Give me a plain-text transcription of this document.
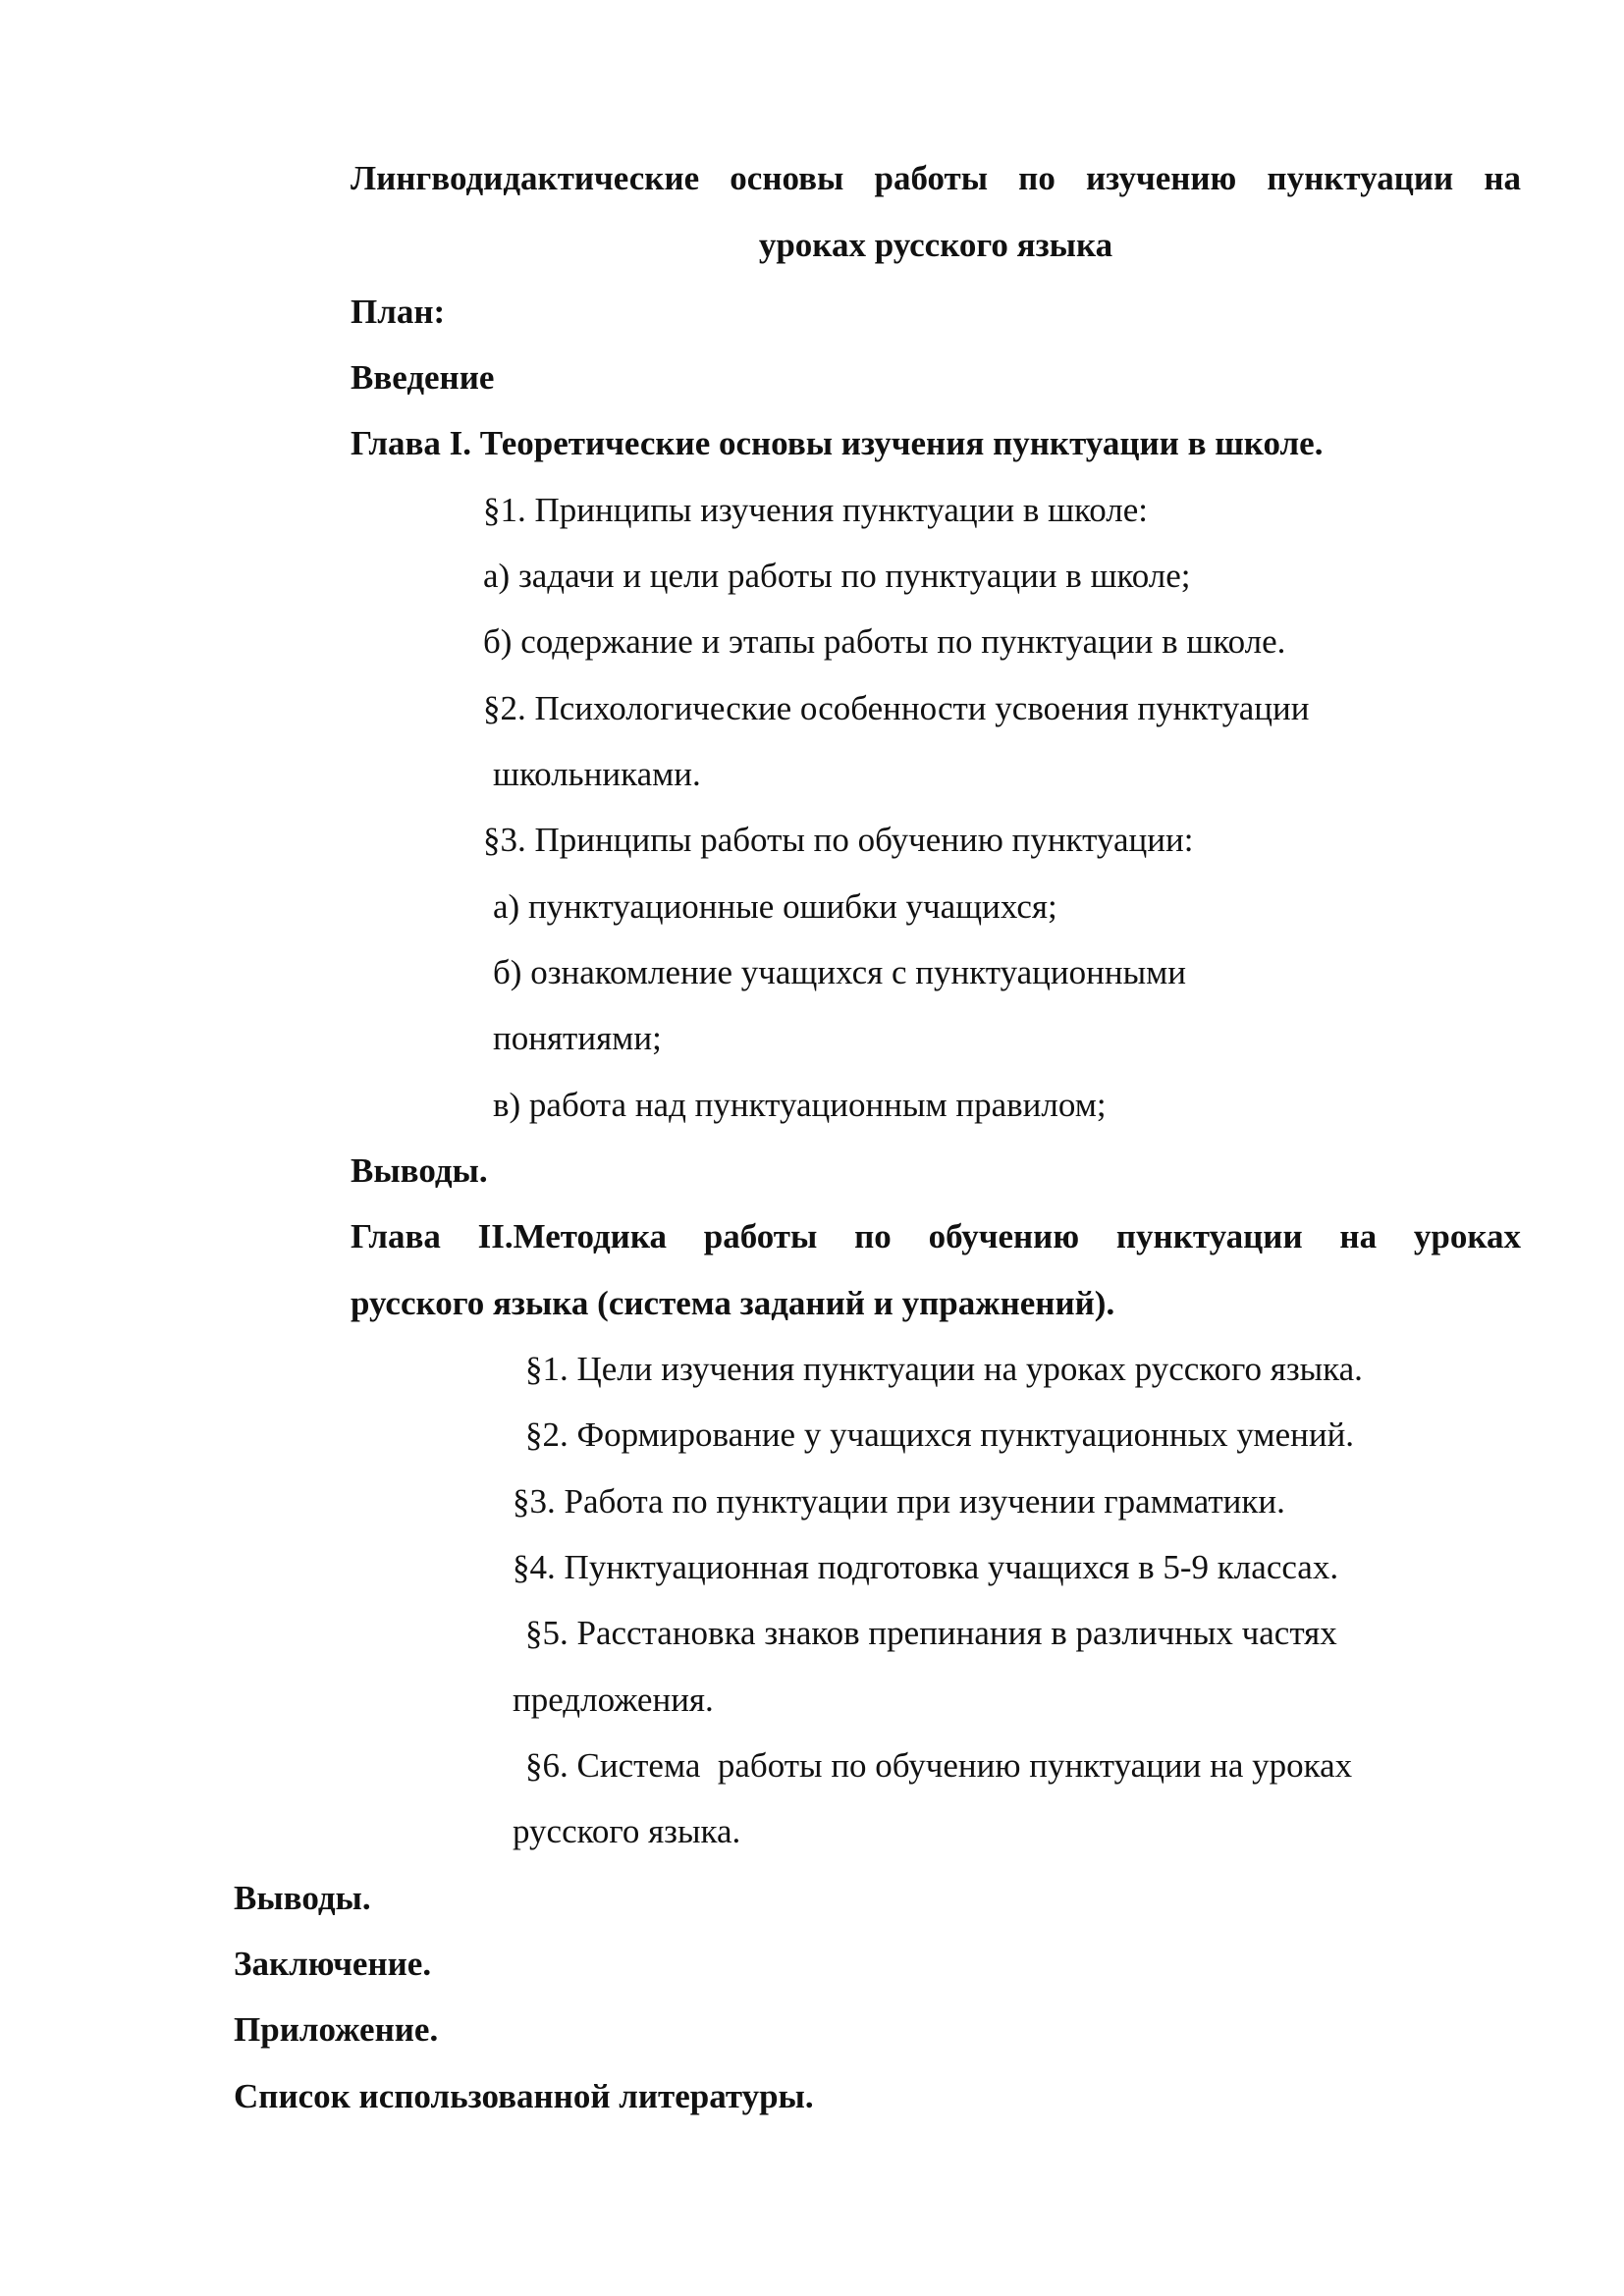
Лингводидактические основы работы по изучению пунктуации на
уроках русского языка
План:
Введение
Глава I. Теоретические основы изучения пунктуации в школе.
§1. Принципы изучения пунктуации в школе:
а) задачи и цели работы по пунктуации в школе;
б) содержание и этапы работы по пунктуации в школе.
§2. Психологические особенности усвоения пунктуации
школьниками.
§3. Принципы работы по обучению пунктуации:
а) пунктуационные ошибки учащихся;
б) ознакомление учащихся с пунктуационными
понятиями;
в) работа над пунктуационным правилом;
Выводы.
Глава II.Методика работы по обучению пунктуации на уроках
русского языка (система заданий и упражнений).
§1. Цели изучения пунктуации на уроках русского языка.
§2. Формирование у учащихся пунктуационных умений.
§3. Работа по пунктуации при изучении грамматики.
§4. Пунктуационная подготовка учащихся в 5-9 классах.
§5. Расстановка знаков препинания в различных частях
предложения.
§6. Система  работы по обучению пунктуации на уроках
русского языка.
Выводы.
Заключение.
Приложение.
Список использованной литературы.
